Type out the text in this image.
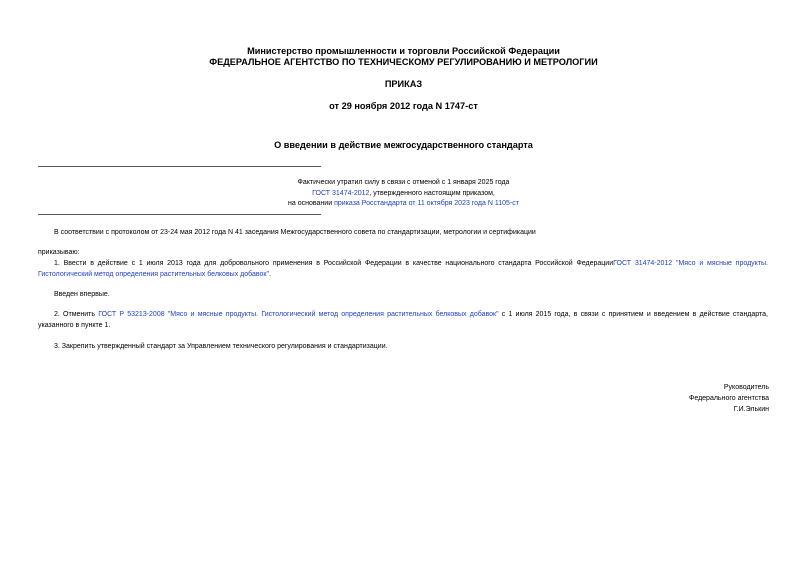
Министерство промышленности и торговли Российской Федерации
ФЕДЕРАЛЬНОЕ АГЕНТСТВО ПО ТЕХНИЧЕСКОМУ РЕГУЛИРОВАНИЮ И МЕТРОЛОГИИ
ПРИКАЗ
от 29 ноября 2012 года N 1747-ст
О введении в действие межгосударственного стандарта
Фактически утратил силу в связи с отменой с 1 января 2025 года
ГОСТ 31474-2012, утвержденного настоящим приказом,
на основании приказа Росстандарта от 11 октября 2023 года N 1105-ст
В соответствии с протоколом от 23-24 мая 2012 года N 41 заседания Межгосударственного совета по стандартизации, метрологии и сертификации
приказываю:
1. Ввести в действие с 1 июля 2013 года для добровольного применения в Российской Федерации в качестве национального стандарта Российской ФедерацииГОСТ 31474-2012 "Мясо и мясные продукты. Гистологический метод определения растительных белковых добавок".
Введен впервые.
2. Отменить ГОСТ Р 53213-2008 "Мясо и мясные продукты. Гистологический метод определения растительных белковых добавок" с 1 июля 2015 года, в связи с принятием и введением в действие стандарта, указанного в пункте 1.
3. Закрепить утвержденный стандарт за Управлением технического регулирования и стандартизации.
Руководитель
Федерального агентства
Г.И.Элькин
